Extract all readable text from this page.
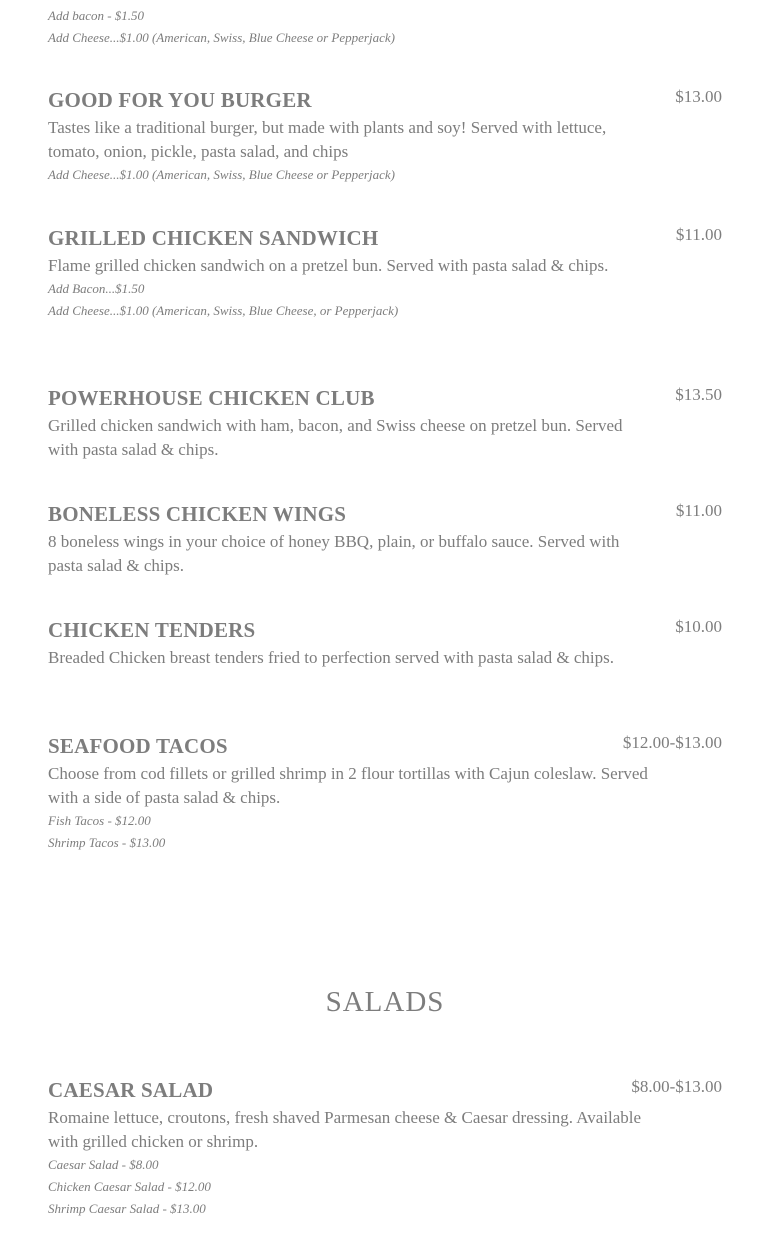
Add bacon - $1.50
Add Cheese...$1.00 (American, Swiss, Blue Cheese or Pepperjack)
GOOD FOR YOU BURGER	$13.00

Tastes like a traditional burger, but made with plants and soy! Served with lettuce, tomato, onion, pickle, pasta salad, and chips

Add Cheese...$1.00 (American, Swiss, Blue Cheese or Pepperjack)
GRILLED CHICKEN SANDWICH	$11.00

Flame grilled chicken sandwich on a pretzel bun. Served with pasta salad & chips.

Add Bacon...$1.50
Add Cheese...$1.00 (American, Swiss, Blue Cheese, or Pepperjack)
POWERHOUSE CHICKEN CLUB	$13.50

Grilled chicken sandwich with ham, bacon, and Swiss cheese on pretzel bun. Served with pasta salad & chips.

BONELESS CHICKEN WINGS	$11.00

8 boneless wings in your choice of honey BBQ, plain, or buffalo sauce. Served with pasta salad & chips.

CHICKEN TENDERS	$10.00

Breaded Chicken breast tenders fried to perfection served with pasta salad & chips.

SEAFOOD TACOS	$12.00-$13.00

Choose from cod fillets or grilled shrimp in 2 flour tortillas with Cajun coleslaw. Served with a side of pasta salad & chips.

Fish Tacos - $12.00
Shrimp Tacos - $13.00
SALADS
CAESAR SALAD	$8.00-$13.00

Romaine lettuce, croutons, fresh shaved Parmesan cheese & Caesar dressing. Available with grilled chicken or shrimp.

Caesar Salad - $8.00
Chicken Caesar Salad - $12.00
Shrimp Caesar Salad - $13.00
